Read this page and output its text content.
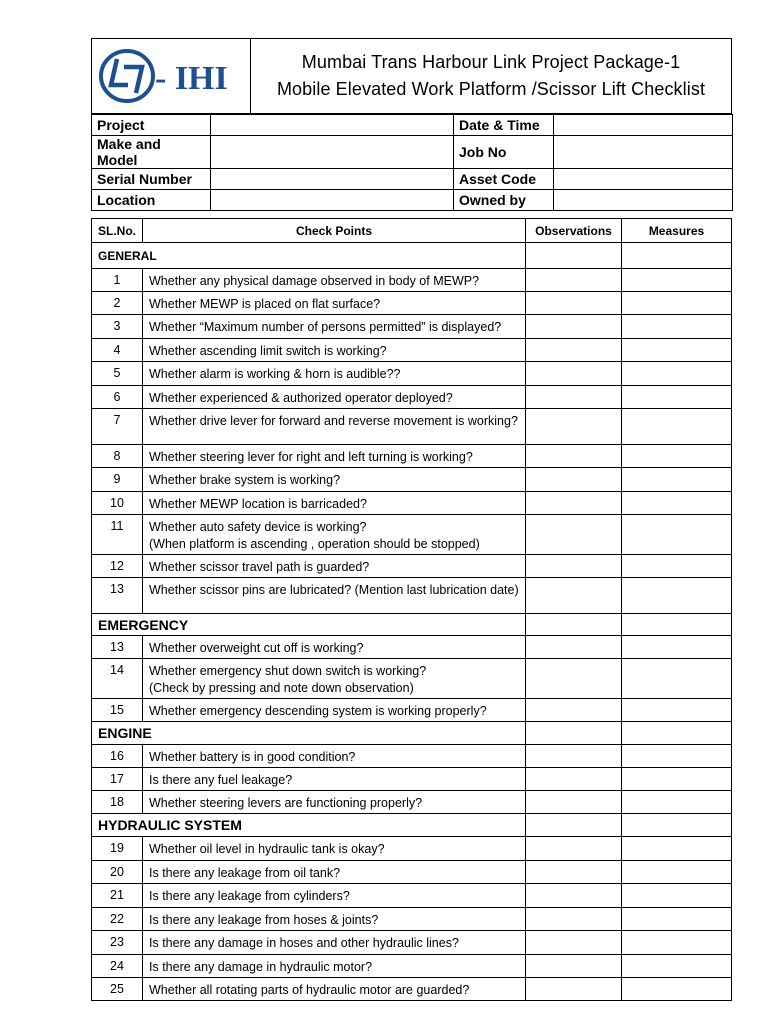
- IHI	Mumbai Trans Harbour Link Project Package-1
Mobile Elevated Work Platform /Scissor Lift Checklist
Project		Date & Time	
Make and Model		Job No	
Serial Number		Asset Code	
Location		Owned by	
SL.No.	Check Points	Observations	Measures
GENERAL			
1	Whether any physical damage observed in body of MEWP?		
2	Whether MEWP is placed on flat surface?		
3	Whether “Maximum number of persons permitted” is displayed?		
4	Whether ascending limit switch is working?		
5	Whether alarm is working & horn is audible??		
6	Whether experienced & authorized operator deployed?		
7	Whether drive lever for forward and reverse movement is working?		
8	Whether steering lever for right and left turning is working?		
9	Whether brake system is working?		
10	Whether MEWP location is barricaded?		
11	Whether auto safety device is working?
(When platform is ascending , operation should be stopped)		
12	Whether scissor travel path is guarded?		
13	Whether scissor pins are lubricated? (Mention last lubrication date)		
EMERGENCY			
13	Whether overweight cut off is working?		
14	Whether emergency shut down switch is working?
(Check by pressing and note down observation)		
15	Whether emergency descending system is working properly?		
ENGINE			
16	Whether battery is in good condition?		
17	Is there any fuel leakage?		
18	Whether steering levers are functioning properly?		
HYDRAULIC SYSTEM			
19	Whether oil level in hydraulic tank is okay?		
20	Is there any leakage from oil tank?		
21	Is there any leakage from cylinders?		
22	Is there any leakage from hoses & joints?		
23	Is there any damage in hoses and other hydraulic lines?		
24	Is there any damage in hydraulic motor?		
25	Whether all rotating parts of hydraulic motor are guarded?		
